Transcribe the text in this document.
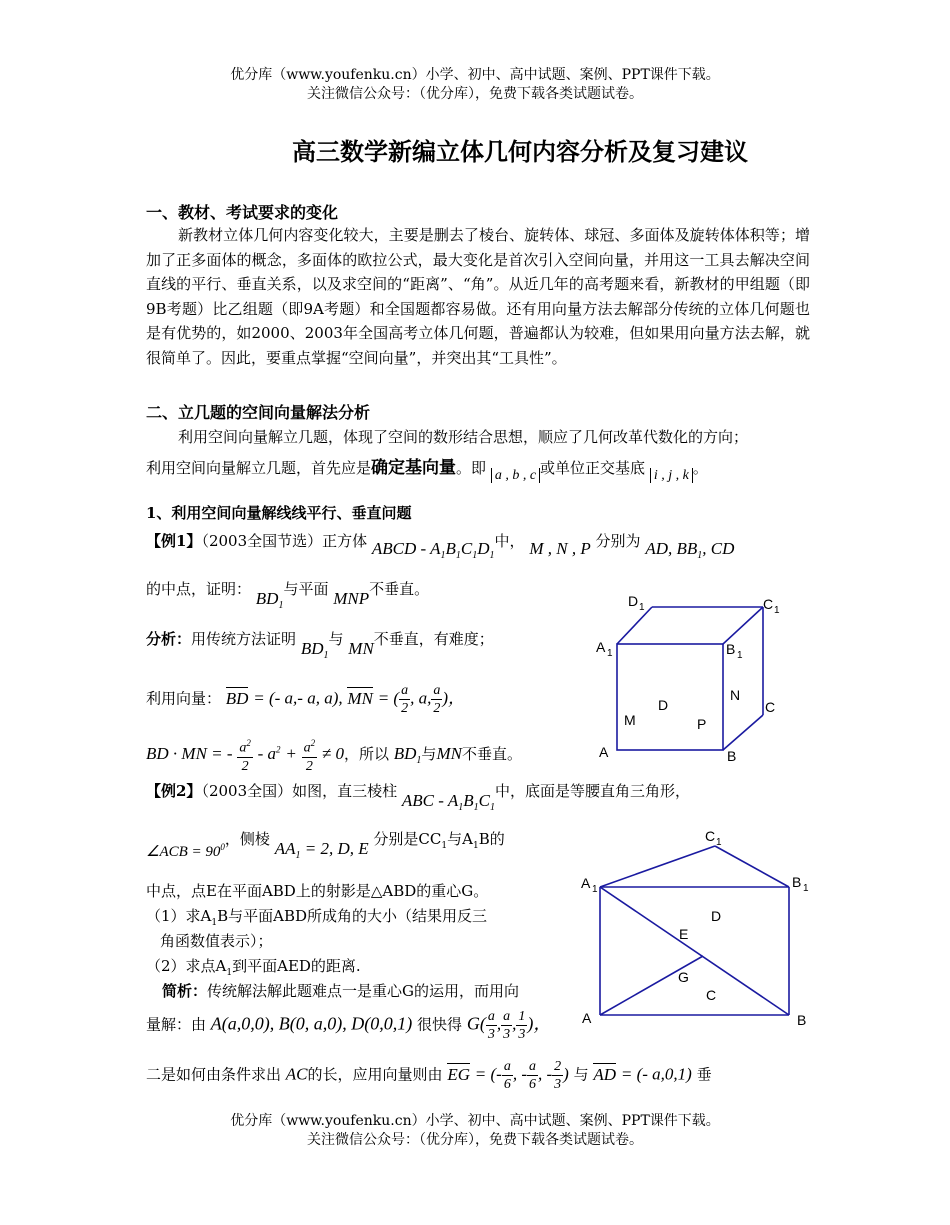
优分库（www.youfenku.cn）小学、初中、高中试题、案例、PPT课件下载。
关注微信公众号：（优分库），免费下载各类试题试卷。
高三数学新编立体几何内容分析及复习建议
一、教材、考试要求的变化
新教材立体几何内容变化较大，主要是删去了棱台、旋转体、球冠、多面体及旋转体体积等；增加了正多面体的概念，多面体的欧拉公式，最大变化是首次引入空间向量，并用这一工具去解决空间直线的平行、垂直关系，以及求空间的“距离”、“角”。从近几年的高考题来看，新教材的甲组题（即9B考题）比乙组题（即9A考题）和全国题都容易做。还有用向量方法去解部分传统的立体几何题也是有优势的，如2000、2003年全国高考立体几何题，普遍都认为较难，但如果用向量方法去解，就很简单了。因此，要重点掌握“空间向量”，并突出其“工具性”。
二、立几题的空间向量解法分析
利用空间向量解立几题，体现了空间的数形结合思想，顺应了几何改革代数化的方向；
利用空间向量解立几题，首先应是确定基向量。即 a , b , c 或单位正交基底 i , j , k 。
1、利用空间向量解线线平行、垂直问题
【例1】（2003全国节选）正方体 ABCD - $A_1B_1C_1D_1$中， M , N , P 分别为 AD, $BB_1$, CD
的中点，证明： $BD_1$与平面 MNP不垂直。
分析：用传统方法证明 $BD_1$与 MN不垂直，有难度；
利用向量： BD = (- a,- a, a), MN = ( $\frac{a}{2}$ , a, $\frac{a}{2}$ )，
BD · MN = - $\frac{a^2}{2} - a^2 + \frac{a^2}{2} \ne 0$，所以 $BD_1$与MN不垂直。
D 1	C 1
A 1	B 1
N
C
D
M	P
A	B
【例2】（2003全国）如图，直三棱柱 ABC - $A_1B_1C_1$中，底面是等腰直角三角形，
∠ACB = $90^0$，侧棱 $AA_1 = 2$, D, E 分别是$CC_1$与$A_1B$的
中点，点E在平面ABD上的射影是△ABD的重心G。
（1）求$A_1B$与平面ABD所成角的大小（结果用反三
角函数值表示）；
（2）求点$A_1$到平面AED的距离.
简析：传统解法解此题难点一是重心G的运用，而用向
量解：由 A(a,0,0), B(0, a,0), D(0,0,1) 很快得 $G( \frac{a}{3}$ , $\frac{a}{3}$ , $\frac{1}{3}$ )，
二是如何由条件求出 AC的长，应用向量则由 EG = (- $\frac{a}{6}$ , - $\frac{a}{6}$ , - $\frac{2}{3}$ ) 与 AD = (- a,0,1) 垂
C 1
A 1	B 1
D
E
G
C
A	B
优分库（www.youfenku.cn）小学、初中、高中试题、案例、PPT课件下载。
关注微信公众号：（优分库），免费下载各类试题试卷。
